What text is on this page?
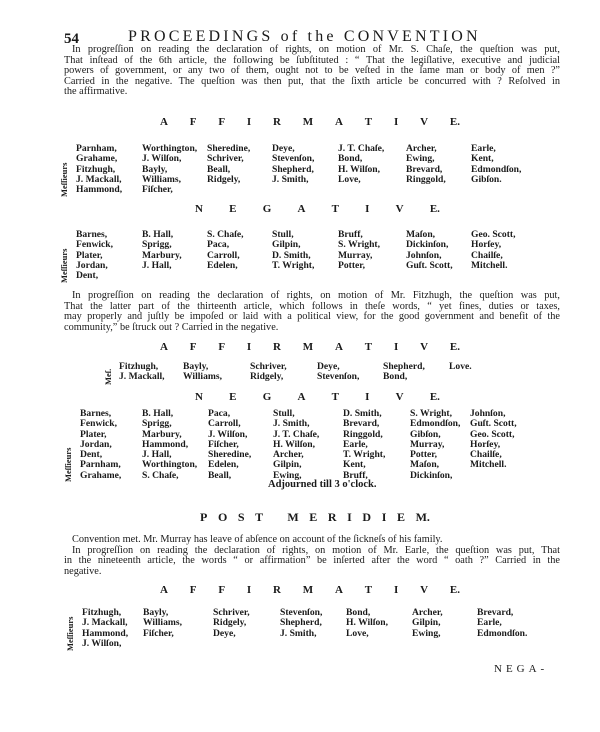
54	PROCEEDINGS of the CONVENTION
In progreſſion on reading the declaration of rights, on motion of Mr. S. Chaſe, the queſtion was put,
That inſtead of the 6th article, the following be ſubſtituted : “ That the legiſlative, executive and judicial
powers of government, or any two of them, ought not to be veſted in the ſame man or body of men ?”
Carried in the negative. The queſtion was then put, that the ſixth article be concurred with ? Reſolved in
the affirmative.
A F F I R M A T I V E.
Meſſieurs
Parnham,
Grahame,
Fitzhugh,
J. Mackall,
Hammond,
Worthington,
J. Wilſon,
Bayly,
Williams,
Fiſcher,
Sheredine,
Schriver,
Beall,
Ridgely,
Deye,
Stevenſon,
Shepherd,
J. Smith,
J. T. Chaſe,
Bond,
H. Wilſon,
Love,
Archer,
Ewing,
Brevard,
Ringgold,
Earle,
Kent,
Edmondſon,
Gibſon.
N E G A T I V E.
Meſſieurs
Barnes,
Fenwick,
Plater,
Jordan,
Dent,
B. Hall,
Sprigg,
Marbury,
J. Hall,
S. Chaſe,
Paca,
Carroll,
Edelen,
Stull,
Gilpin,
D. Smith,
T. Wright,
Bruff,
S. Wright,
Murray,
Potter,
Maſon,
Dickinſon,
Johnſon,
Guſt. Scott,
Geo. Scott,
Horſey,
Chailſe,
Mitchell.
In progreſſion on reading the declaration of rights, on motion of Mr. Fitzhugh, the queſtion was put,
That the latter part of the thirteenth article, which follows in theſe words, “ yet fines, duties or taxes,
may properly and juſtly be impoſed or laid with a political view, for the good government and benefit of the
community,” be ſtruck out ? Carried in the negative.
A F F I R M A T I V E.
Meſ.
Fitzhugh,
J. Mackall,
Bayly,
Williams,
Schriver,
Ridgely,
Deye,
Stevenſon,
Shepherd,
Bond,
Love.
N E G A T I V E.
Meſſieurs
Barnes,
Fenwick,
Plater,
Jordan,
Dent,
Parnham,
Grahame,
B. Hall,
Sprigg,
Marbury,
Hammond,
J. Hall,
Worthington,
S. Chaſe,
Paca,
Carroll,
J. Wilſon,
Fiſcher,
Sheredine,
Edelen,
Beall,
Stull,
J. Smith,
J. T. Chaſe,
H. Wilſon,
Archer,
Gilpin,
Ewing,
D. Smith,
Brevard,
Ringgold,
Earle,
T. Wright,
Kent,
Bruff,
S. Wright,
Edmondſon,
Gibſon,
Murray,
Potter,
Maſon,
Dickinſon,
Johnſon,
Guſt. Scott,
Geo. Scott,
Horſey,
Chailſe,
Mitchell.
Adjourned till 3 o'clock.
P O S T
M E R I D I E M.
Convention met. Mr. Murray has leave of abſence on account of the ſickneſs of his family.
In progreſſion on reading the declaration of rights, on motion of Mr. Earle, the queſtion was put, That
in the nineteenth article, the words “ or affirmation” be inſerted after the word “ oath ?” Carried in the
negative.
A F F I R M A T I V E.
Meſſieurs
Fitzhugh,
J. Mackall,
Hammond,
J. Wilſon,
Bayly,
Williams,
Fiſcher,
Schriver,
Ridgely,
Deye,
Stevenſon,
Shepherd,
J. Smith,
Bond,
H. Wilſon,
Love,
Archer,
Gilpin,
Ewing,
Brevard,
Earle,
Edmondſon.
NEGA-
